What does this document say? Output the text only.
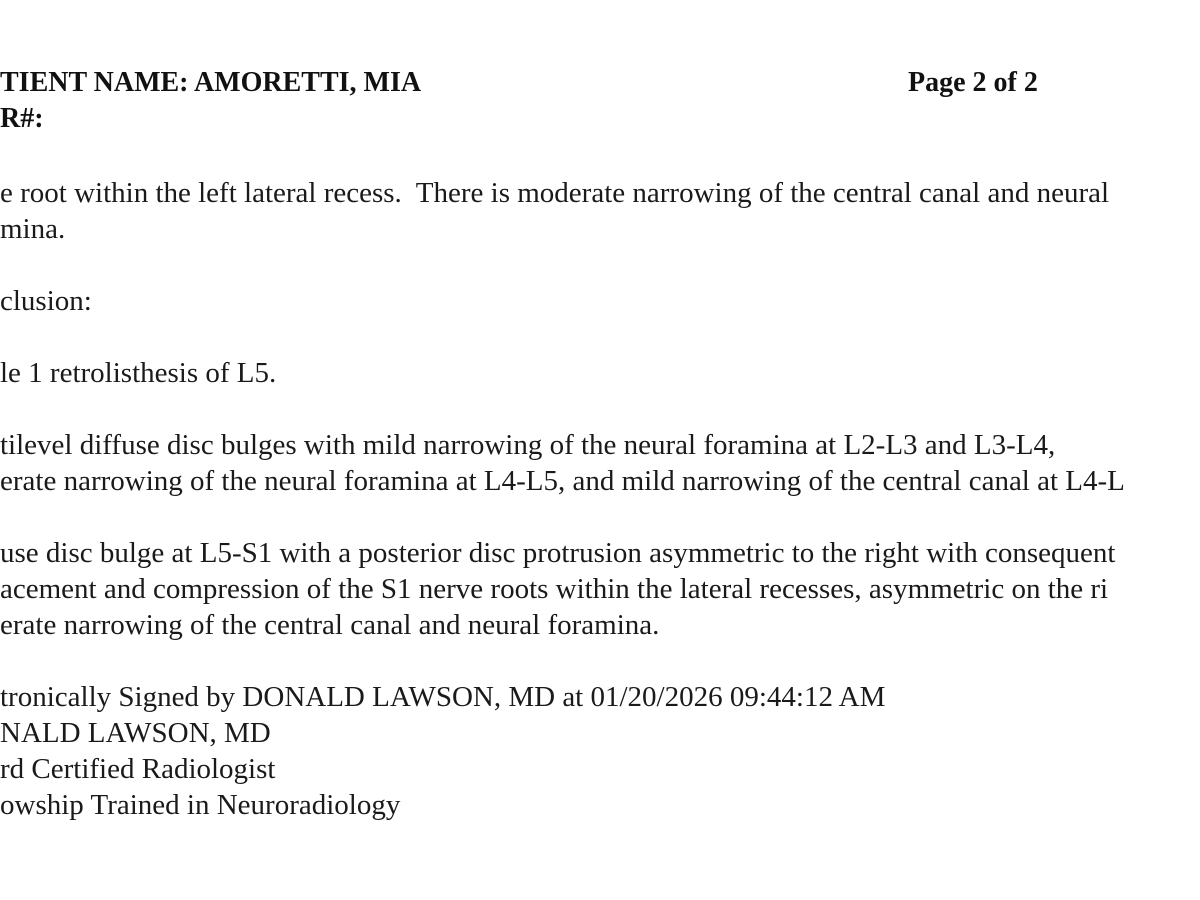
TIENT NAME: AMORETTI, MIA
R#:
Page 2 of 2
e root within the left lateral recess.  There is moderate narrowing of the central canal and neural
mina.
clusion:
le 1 retrolisthesis of L5.
tilevel diffuse disc bulges with mild narrowing of the neural foramina at L2-L3 and L3-L4,
erate narrowing of the neural foramina at L4-L5, and mild narrowing of the central canal at L4-L
use disc bulge at L5-S1 with a posterior disc protrusion asymmetric to the right with consequent
acement and compression of the S1 nerve roots within the lateral recesses, asymmetric on the ri
erate narrowing of the central canal and neural foramina.
tronically Signed by DONALD LAWSON, MD at 01/20/2026 09:44:12 AM
NALD LAWSON, MD
rd Certified Radiologist
owship Trained in Neuroradiology
